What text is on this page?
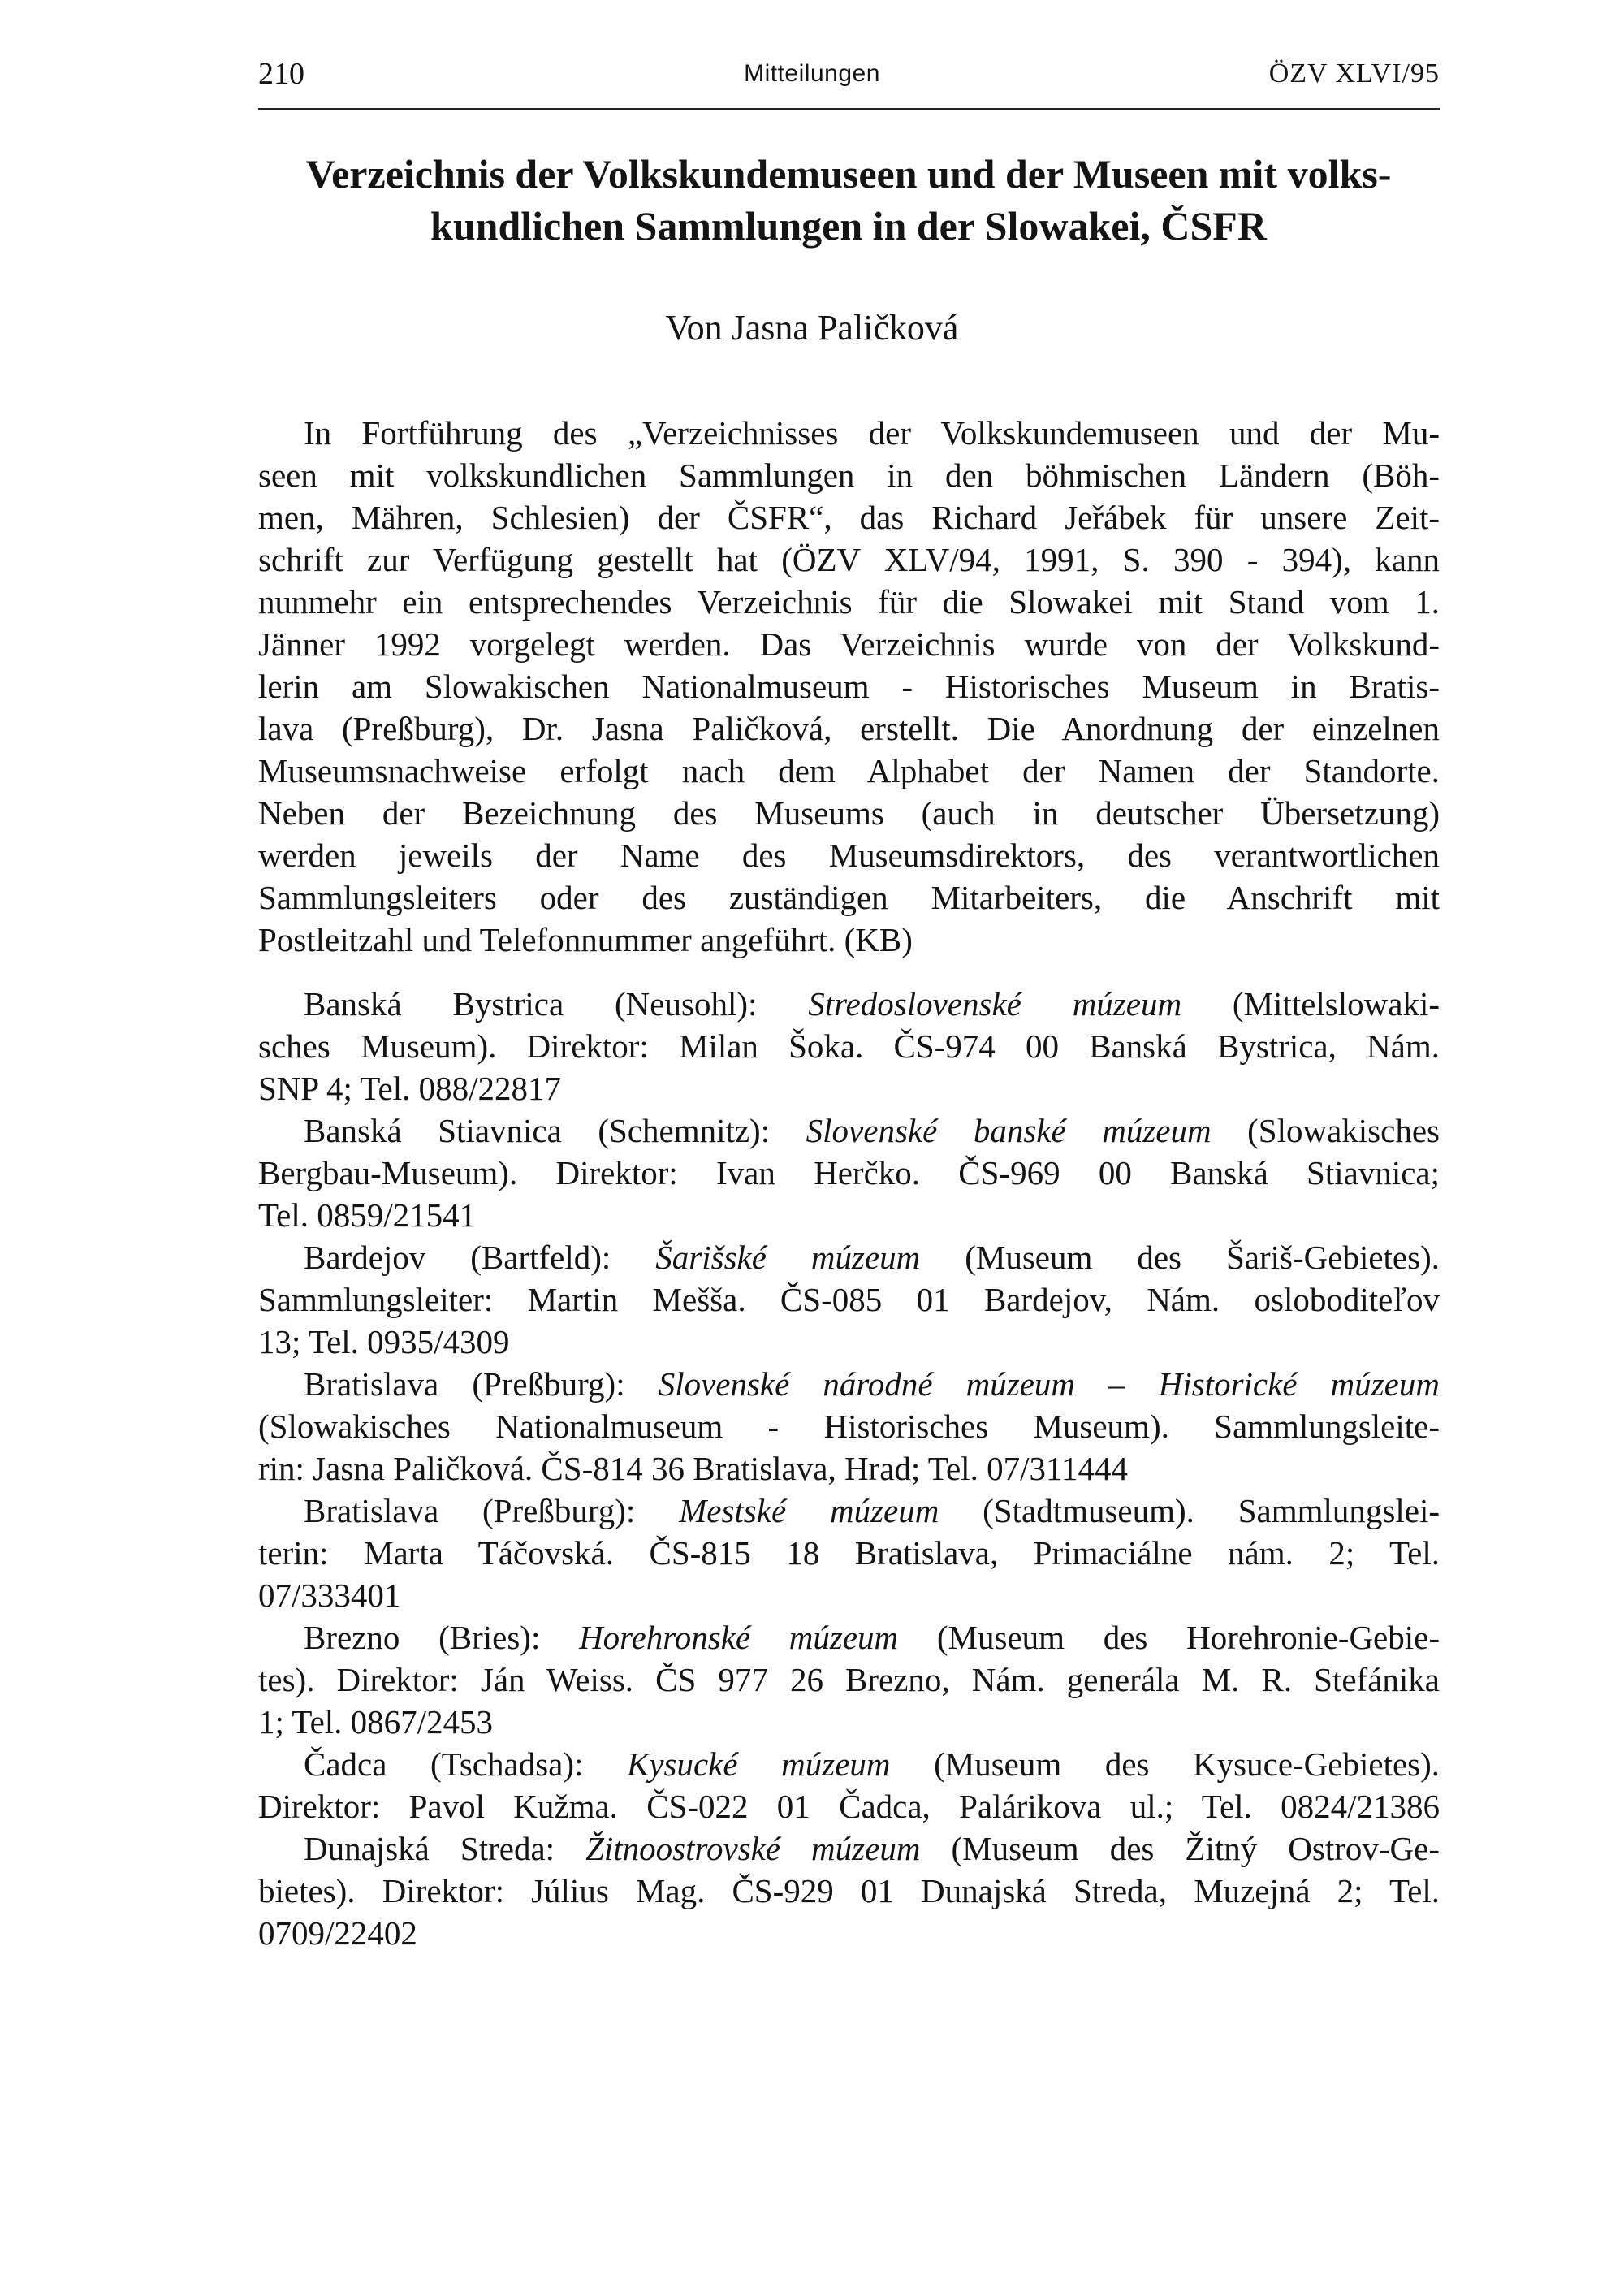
210	Mitteilungen	ÖZV XLVI/95
Verzeichnis der Volkskundemuseen und der Museen mit volks-
kundlichen Sammlungen in der Slowakei, ČSFR
Von Jasna Paličková
In Fortführung des „Verzeichnisses der Volkskundemuseen und der Mu-
seen mit volkskundlichen Sammlungen in den böhmischen Ländern (Böh-
men, Mähren, Schlesien) der ČSFR“, das Richard Jeřábek für unsere Zeit-
schrift zur Verfügung gestellt hat (ÖZV XLV/94, 1991, S. 390 - 394), kann
nunmehr ein entsprechendes Verzeichnis für die Slowakei mit Stand vom 1.
Jänner 1992 vorgelegt werden. Das Verzeichnis wurde von der Volkskund-
lerin am Slowakischen Nationalmuseum - Historisches Museum in Bratis-
lava (Preßburg), Dr. Jasna Paličková, erstellt. Die Anordnung der einzelnen
Museumsnachweise erfolgt nach dem Alphabet der Namen der Standorte.
Neben der Bezeichnung des Museums (auch in deutscher Übersetzung)
werden jeweils der Name des Museumsdirektors, des verantwortlichen
Sammlungsleiters oder des zuständigen Mitarbeiters, die Anschrift mit
Postleitzahl und Telefonnummer angeführt. (KB)
Banská Bystrica (Neusohl): Stredoslovenské múzeum (Mittelslowaki-
sches Museum). Direktor: Milan Šoka. ČS-974 00 Banská Bystrica, Nám.
SNP 4; Tel. 088/22817
Banská Stiavnica (Schemnitz): Slovenské banské múzeum (Slowakisches
Bergbau-Museum). Direktor: Ivan Herčko. ČS-969 00 Banská Stiavnica;
Tel. 0859/21541
Bardejov (Bartfeld): Šarišské múzeum (Museum des Šariš-Gebietes).
Sammlungsleiter: Martin Mešša. ČS-085 01 Bardejov, Nám. osloboditeľov
13; Tel. 0935/4309
Bratislava (Preßburg): Slovenské národné múzeum – Historické múzeum
(Slowakisches Nationalmuseum - Historisches Museum). Sammlungsleite-
rin: Jasna Paličková. ČS-814 36 Bratislava, Hrad; Tel. 07/311444
Bratislava (Preßburg): Mestské múzeum (Stadtmuseum). Sammlungslei-
terin: Marta Táčovská. ČS-815 18 Bratislava, Primaciálne nám. 2; Tel.
07/333401
Brezno (Bries): Horehronské múzeum (Museum des Horehronie-Gebie-
tes). Direktor: Ján Weiss. ČS 977 26 Brezno, Nám. generála M. R. Stefánika
1; Tel. 0867/2453
Čadca (Tschadsa): Kysucké múzeum (Museum des Kysuce-Gebietes).
Direktor: Pavol Kužma. ČS-022 01 Čadca, Palárikova ul.; Tel. 0824/21386
Dunajská Streda: Žitnoostrovské múzeum (Museum des Žitný Ostrov-Ge-
bietes). Direktor: Július Mag. ČS-929 01 Dunajská Streda, Muzejná 2; Tel.
0709/22402
